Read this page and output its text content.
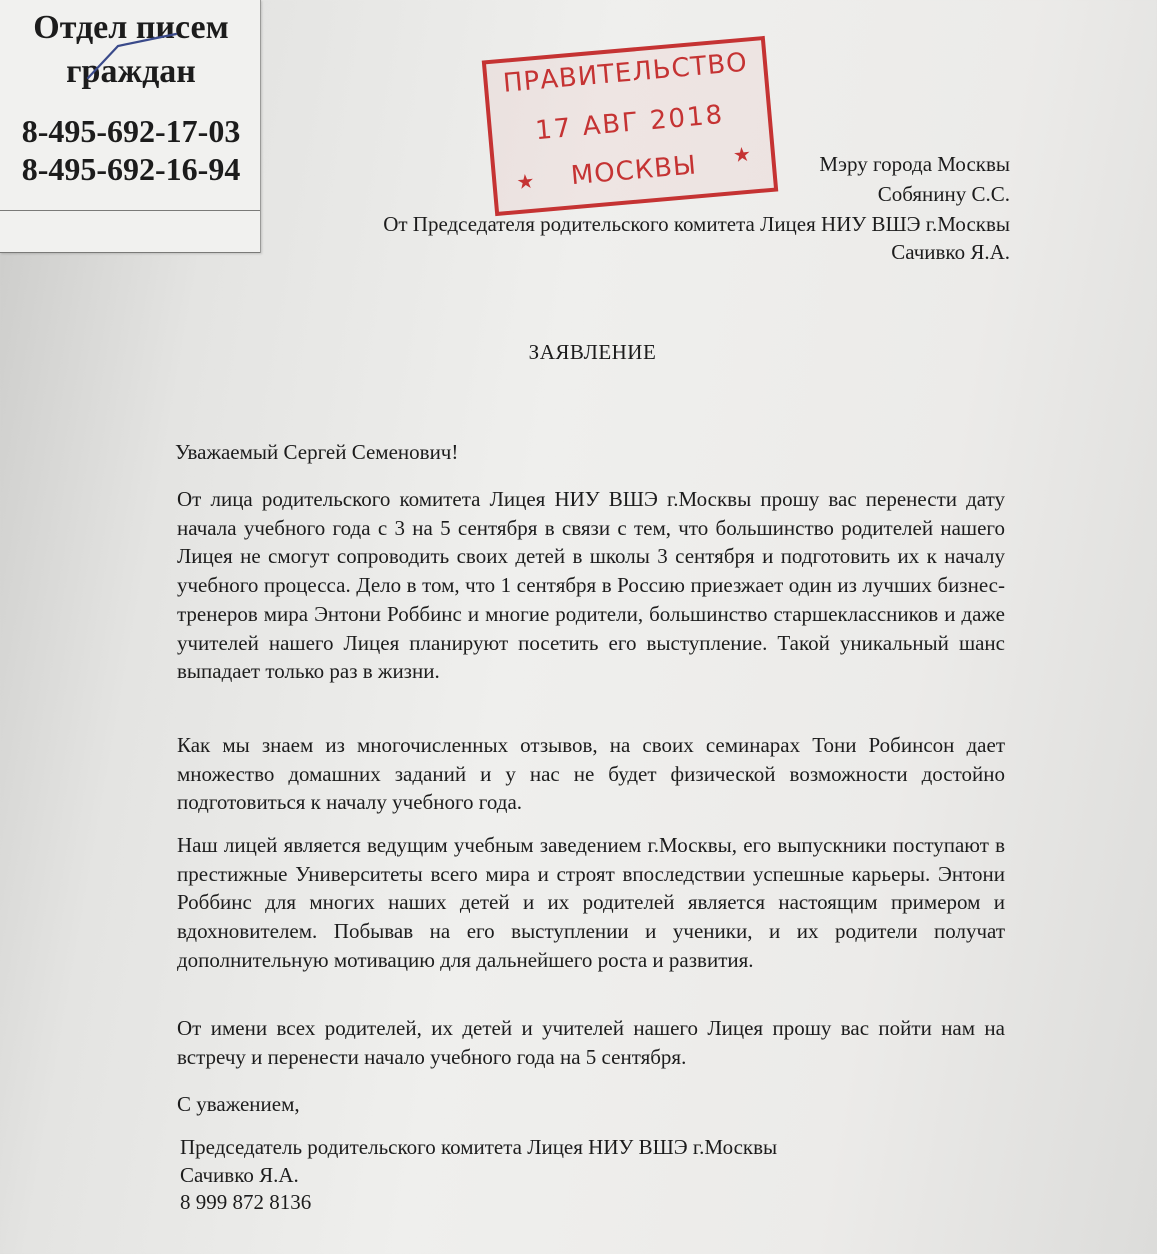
Отдел писем граждан

8-495-692-17-03

8-495-692-16-94

ПРАВИТЕЛЬСТВО
17 АВГ 2018
МОСКВЫ
★
★	Мэру города Москвы

Собянину С.С.

От Председателя родительского комитета Лицея НИУ ВШЭ г.Москвы

Сачивко Я.А.

ЗАЯВЛЕНИЕ

Уважаемый Сергей Семенович!

От лица родительского комитета Лицея НИУ ВШЭ г.Москвы прошу вас перенести дату начала учебного года с 3 на 5 сентября в связи с тем, что большинство родителей нашего Лицея не смогут сопроводить своих детей в школы 3 сентября и подготовить их к началу учебного процесса. Дело в том, что 1 сентября в Россию приезжает один из лучших бизнес-тренеров мира Энтони Роббинс и многие родители, большинство старшеклассников и даже учителей нашего Лицея планируют посетить его выступление. Такой уникальный шанс выпадает только раз в жизни.

Как мы знаем из многочисленных отзывов, на своих семинарах Тони Робинсон дает множество домашних заданий и у нас не будет физической возможности достойно подготовиться к началу учебного года.

Наш лицей является ведущим учебным заведением г.Москвы, его выпускники поступают в престижные Университеты всего мира и строят впоследствии успешные карьеры. Энтони Роббинс для многих наших детей и их родителей является настоящим примером и вдохновителем. Побывав на его выступлении и ученики, и их родители получат дополнительную мотивацию для дальнейшего роста и развития.

От имени всех родителей, их детей и учителей нашего Лицея прошу вас пойти нам на встречу и перенести начало учебного года на 5 сентября.

С уважением,

Председатель родительского комитета Лицея НИУ ВШЭ г.Москвы

Сачивко Я.А.

8 999 872 8136
